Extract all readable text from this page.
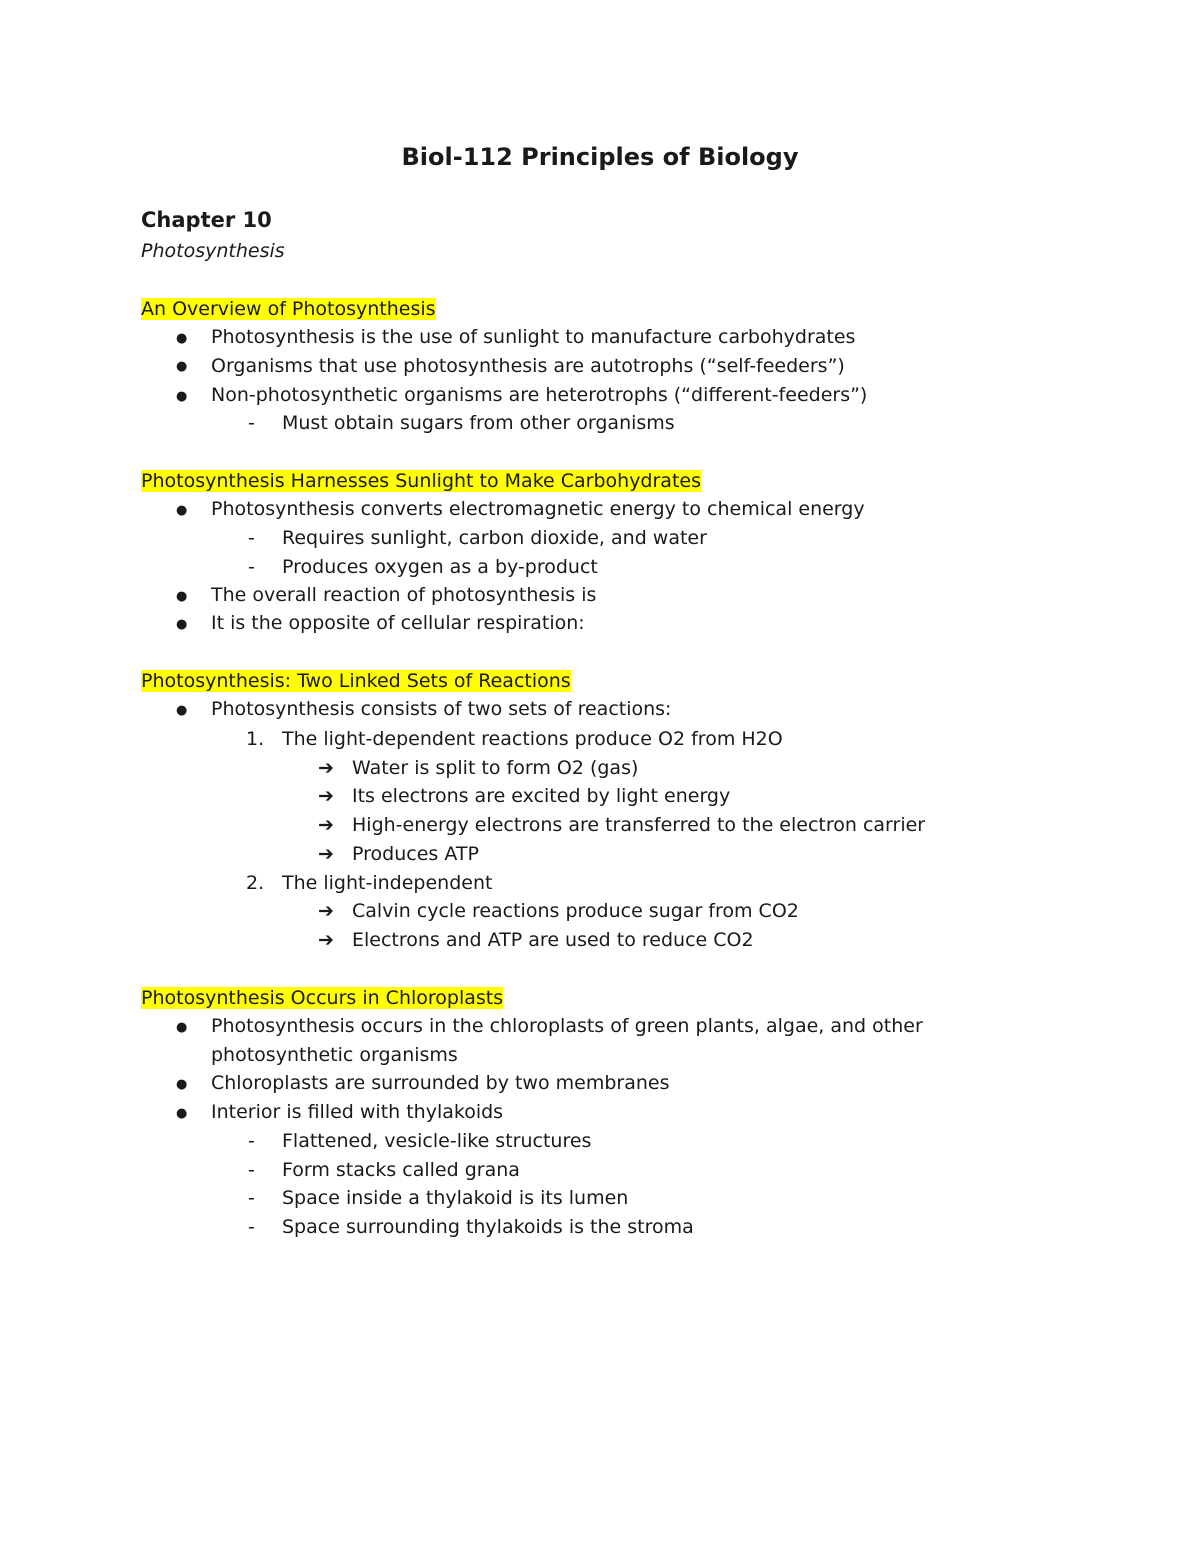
Biol-112 Principles of Biology
Chapter 10
Photosynthesis
An Overview of Photosynthesis
● Photosynthesis is the use of sunlight to manufacture carbohydrates
● Organisms that use photosynthesis are autotrophs (“self-feeders”)
● Non-photosynthetic organisms are heterotrophs (“different-feeders”)
- Must obtain sugars from other organisms
Photosynthesis Harnesses Sunlight to Make Carbohydrates
● Photosynthesis converts electromagnetic energy to chemical energy
- Requires sunlight, carbon dioxide, and water
- Produces oxygen as a by-product
● The overall reaction of photosynthesis is
● It is the opposite of cellular respiration:
Photosynthesis: Two Linked Sets of Reactions
● Photosynthesis consists of two sets of reactions:
1. The light-dependent reactions produce O2 from H2O
➔ Water is split to form O2 (gas)
➔ Its electrons are excited by light energy
➔ High-energy electrons are transferred to the electron carrier
➔ Produces ATP
2. The light-independent
➔ Calvin cycle reactions produce sugar from CO2
➔ Electrons and ATP are used to reduce CO2
Photosynthesis Occurs in Chloroplasts
● Photosynthesis occurs in the chloroplasts of green plants, algae, and other
photosynthetic organisms
● Chloroplasts are surrounded by two membranes
● Interior is filled with thylakoids
- Flattened, vesicle-like structures
- Form stacks called grana
- Space inside a thylakoid is its lumen
- Space surrounding thylakoids is the stroma
